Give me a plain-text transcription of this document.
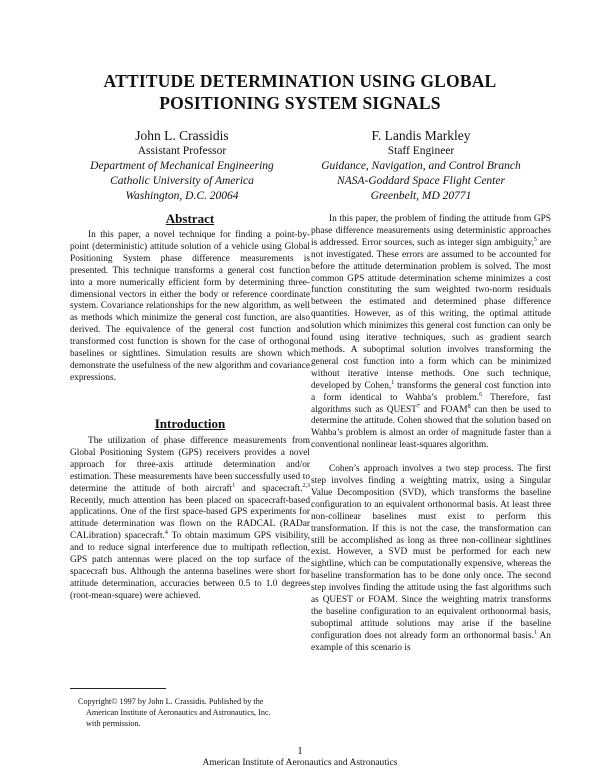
ATTITUDE DETERMINATION USING GLOBAL
POSITIONING SYSTEM SIGNALS
John L. Crassidis
Assistant Professor
Department of Mechanical Engineering
Catholic University of America
Washington, D.C. 20064
F. Landis Markley
Staff Engineer
Guidance, Navigation, and Control Branch
NASA-Goddard Space Flight Center
Greenbelt, MD 20771
Abstract

In this paper, a novel technique for finding a point-by-point (deterministic) attitude solution of a vehicle using Global Positioning System phase difference measurements is presented. This technique transforms a general cost function into a more numerically efficient form by determining three-dimensional vectors in either the body or reference coordinate system. Covariance relationships for the new algorithm, as well as methods which minimize the general cost function, are also derived. The equivalence of the general cost function and transformed cost function is shown for the case of orthogonal baselines or sightlines. Simulation results are shown which demonstrate the usefulness of the new algorithm and covariance expressions.

Introduction

The utilization of phase difference measurements from Global Positioning System (GPS) receivers provides a novel approach for three-axis attitude determination and/or estimation. These measurements have been successfully used to determine the attitude of both aircraft$^1$ and spacecraft.$^{2,3}$ Recently, much attention has been placed on spacecraft-based applications. One of the first space-based GPS experiments for attitude determination was flown on the RADCAL (RADar CALibration) spacecraft.$^4$ To obtain maximum GPS visibility, and to reduce signal interference due to multipath reflection, GPS patch antennas were placed on the top surface of the spacecraft bus. Although the antenna baselines were short for attitude determination, accuracies between 0.5 to 1.0 degrees (root-mean-square) were achieved.

In this paper, the problem of finding the attitude from GPS phase difference measurements using deterministic approaches is addressed. Error sources, such as integer sign ambiguity,$^5$ are not investigated. These errors are assumed to be accounted for before the attitude determination problem is solved. The most common GPS attitude determination scheme minimizes a cost function constituting the sum weighted two-norm residuals between the estimated and determined phase difference quantities. However, as of this writing, the optimal attitude solution which minimizes this general cost function can only be found using iterative techniques, such as gradient search methods. A suboptimal solution involves transforming the general cost function into a form which can be minimized without iterative intense methods. One such technique, developed by Cohen,$^1$ transforms the general cost function into a form identical to Wahba’s problem.$^6$ Therefore, fast algorithms such as QUEST$^7$ and FOAM$^8$ can then be used to determine the attitude. Cohen showed that the solution based on Wahba’s problem is almost an order of magnitude faster than a conventional nonlinear least-squares algorithm.

Cohen’s approach involves a two step process. The first step involves finding a weighting matrix, using a Singular Value Decomposition (SVD), which transforms the baseline configuration to an equivalent orthonormal basis. At least three non-collinear baselines must exist to perform this transformation. If this is not the case, the transformation can still be accomplished as long as three non-collinear sightlines exist. However, a SVD must be performed for each new sightline, which can be computationally expensive, whereas the baseline transformation has to be done only once. The second step involves finding the attitude using the fast algorithms such as QUEST or FOAM. Since the weighting matrix transforms the baseline configuration to an equivalent orthonormal basis, suboptimal attitude solutions may arise if the baseline configuration does not already form an orthonormal basis.$^1$ An example of this scenario is

Copyright© 1997 by John L. Crassidis. Published by the
American Institute of Aeronautics and Astronautics, Inc.
with permission.
1
American Institute of Aeronautics and Astronautics
